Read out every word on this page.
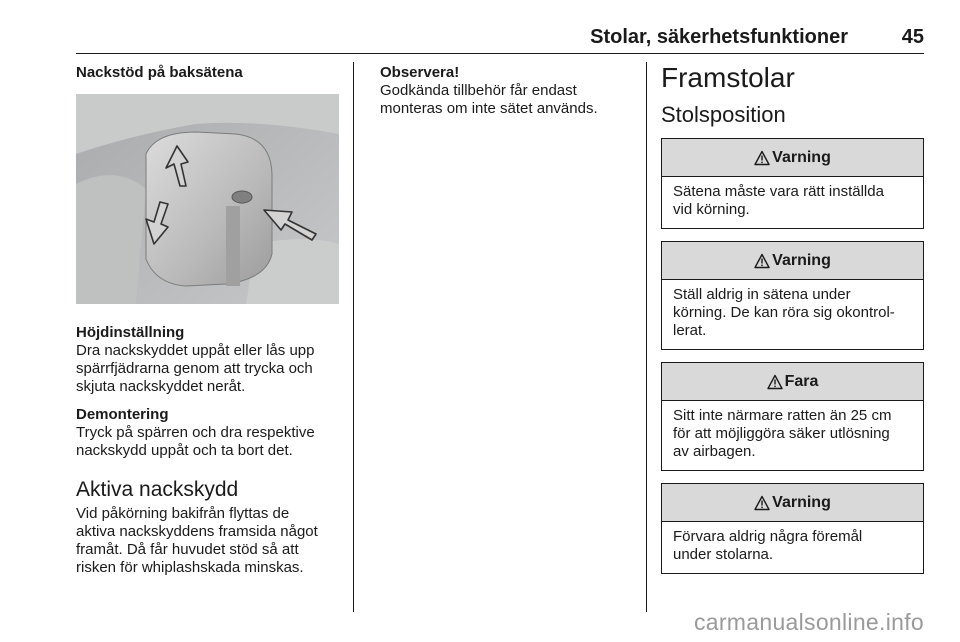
Stolar, säkerhetsfunktioner	45
Nackstöd på baksätena
Höjdinställning
Dra nackskyddet uppåt eller lås upp
spärrfjädrarna genom att trycka och
skjuta nackskyddet neråt.
Demontering
Tryck på spärren och dra respektive
nackskydd uppåt och ta bort det.
Aktiva nackskydd
Vid påkörning bakifrån flyttas de
aktiva nackskyddens framsida något
framåt. Då får huvudet stöd så att
risken för whiplashskada minskas.
Observera!
Godkända tillbehör får endast
monteras om inte sätet används.
Framstolar
Stolsposition
Varning
Sätena måste vara rätt inställda
vid körning.
Varning
Ställ aldrig in sätena under
körning. De kan röra sig okontrol-
lerat.
Fara
Sitt inte närmare ratten än 25 cm
för att möjliggöra säker utlösning
av airbagen.
Varning
Förvara aldrig några föremål
under stolarna.
carmanualsonline.info
